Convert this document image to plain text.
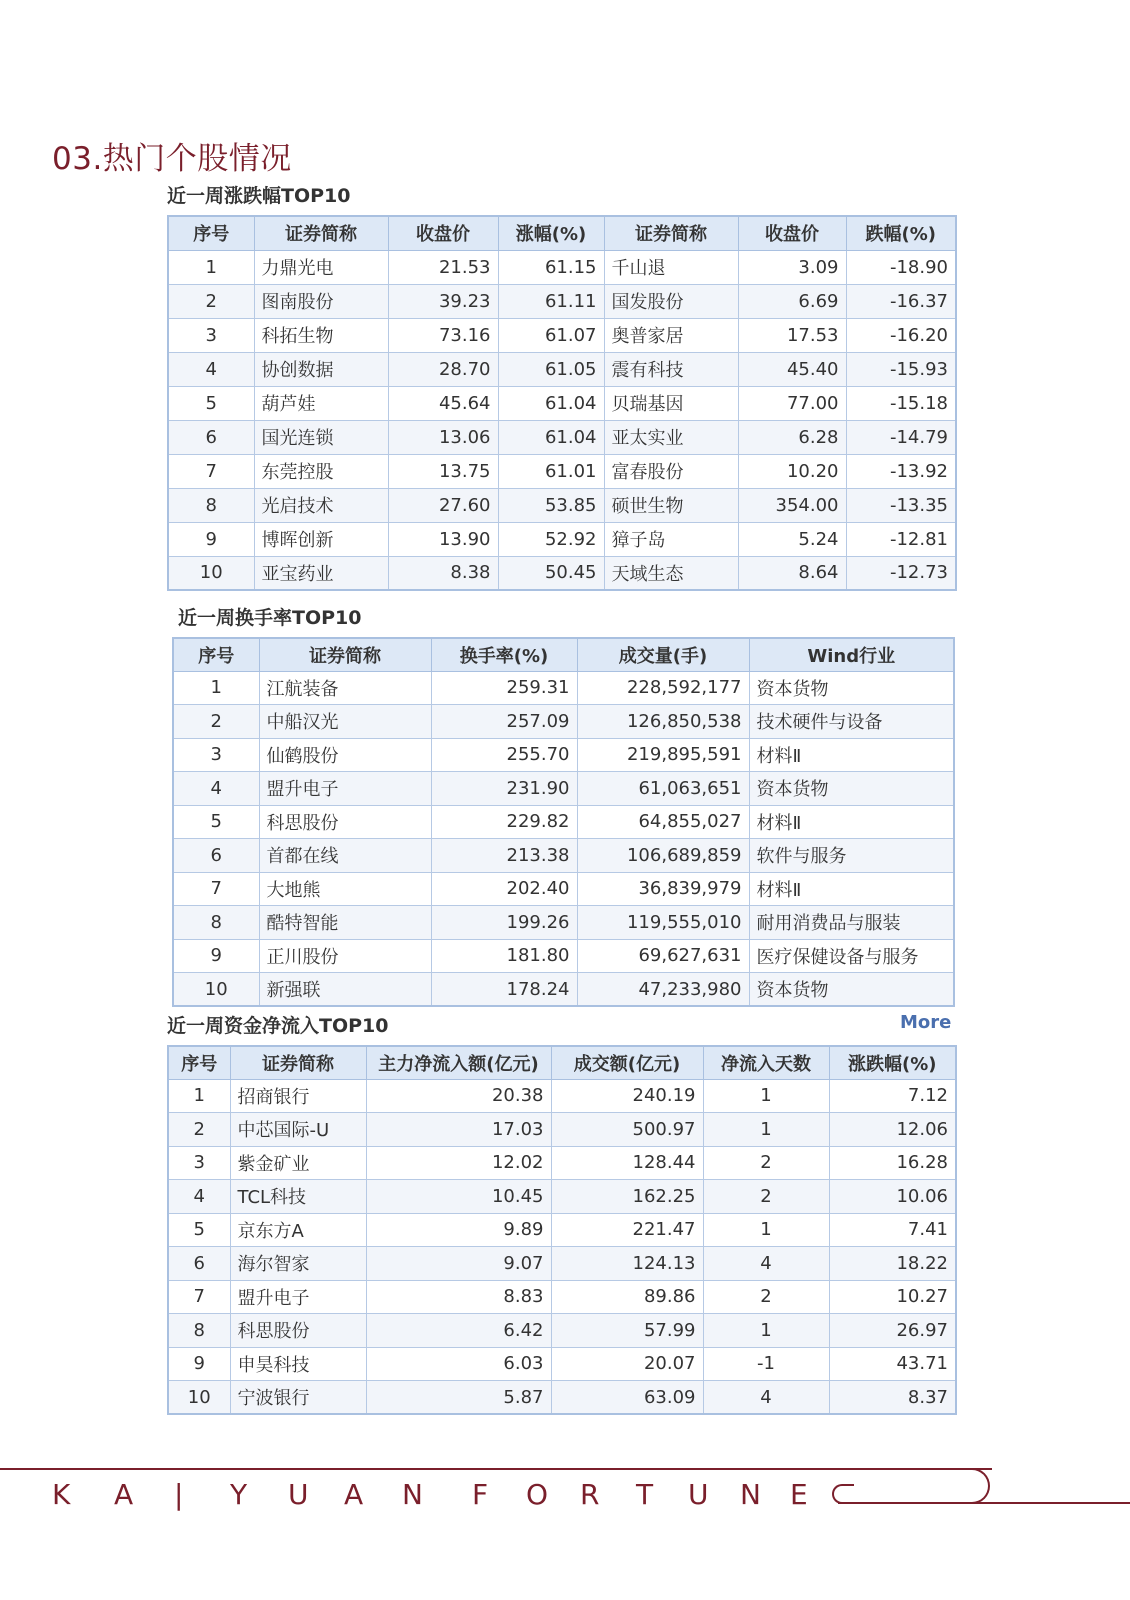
03.热门个股情况
近一周涨跌幅TOP10
序号	证券简称	收盘价	涨幅(%)	证券简称	收盘价	跌幅(%)
1	力鼎光电	21.53	61.15	千山退	3.09	-18.90
2	图南股份	39.23	61.11	国发股份	6.69	-16.37
3	科拓生物	73.16	61.07	奥普家居	17.53	-16.20
4	协创数据	28.70	61.05	震有科技	45.40	-15.93
5	葫芦娃	45.64	61.04	贝瑞基因	77.00	-15.18
6	国光连锁	13.06	61.04	亚太实业	6.28	-14.79
7	东莞控股	13.75	61.01	富春股份	10.20	-13.92
8	光启技术	27.60	53.85	硕世生物	354.00	-13.35
9	博晖创新	13.90	52.92	獐子岛	5.24	-12.81
10	亚宝药业	8.38	50.45	天域生态	8.64	-12.73
近一周换手率TOP10
序号	证券简称	换手率(%)	成交量(手)	Wind行业
1	江航装备	259.31	228,592,177	资本货物
2	中船汉光	257.09	126,850,538	技术硬件与设备
3	仙鹤股份	255.70	219,895,591	材料Ⅱ
4	盟升电子	231.90	61,063,651	资本货物
5	科思股份	229.82	64,855,027	材料Ⅱ
6	首都在线	213.38	106,689,859	软件与服务
7	大地熊	202.40	36,839,979	材料Ⅱ
8	酷特智能	199.26	119,555,010	耐用消费品与服装
9	正川股份	181.80	69,627,631	医疗保健设备与服务
10	新强联	178.24	47,233,980	资本货物
近一周资金净流入TOP10	More
序号	证券简称	主力净流入额(亿元)	成交额(亿元)	净流入天数	涨跌幅(%)
1	招商银行	20.38	240.19	1	7.12
2	中芯国际-U	17.03	500.97	1	12.06
3	紫金矿业	12.02	128.44	2	16.28
4	TCL科技	10.45	162.25	2	10.06
5	京东方A	9.89	221.47	1	7.41
6	海尔智家	9.07	124.13	4	18.22
7	盟升电子	8.83	89.86	2	10.27
8	科思股份	6.42	57.99	1	26.97
9	申昊科技	6.03	20.07	-1	43.71
10	宁波银行	5.87	63.09	4	8.37
K A | Y U A N F O R T U N E
